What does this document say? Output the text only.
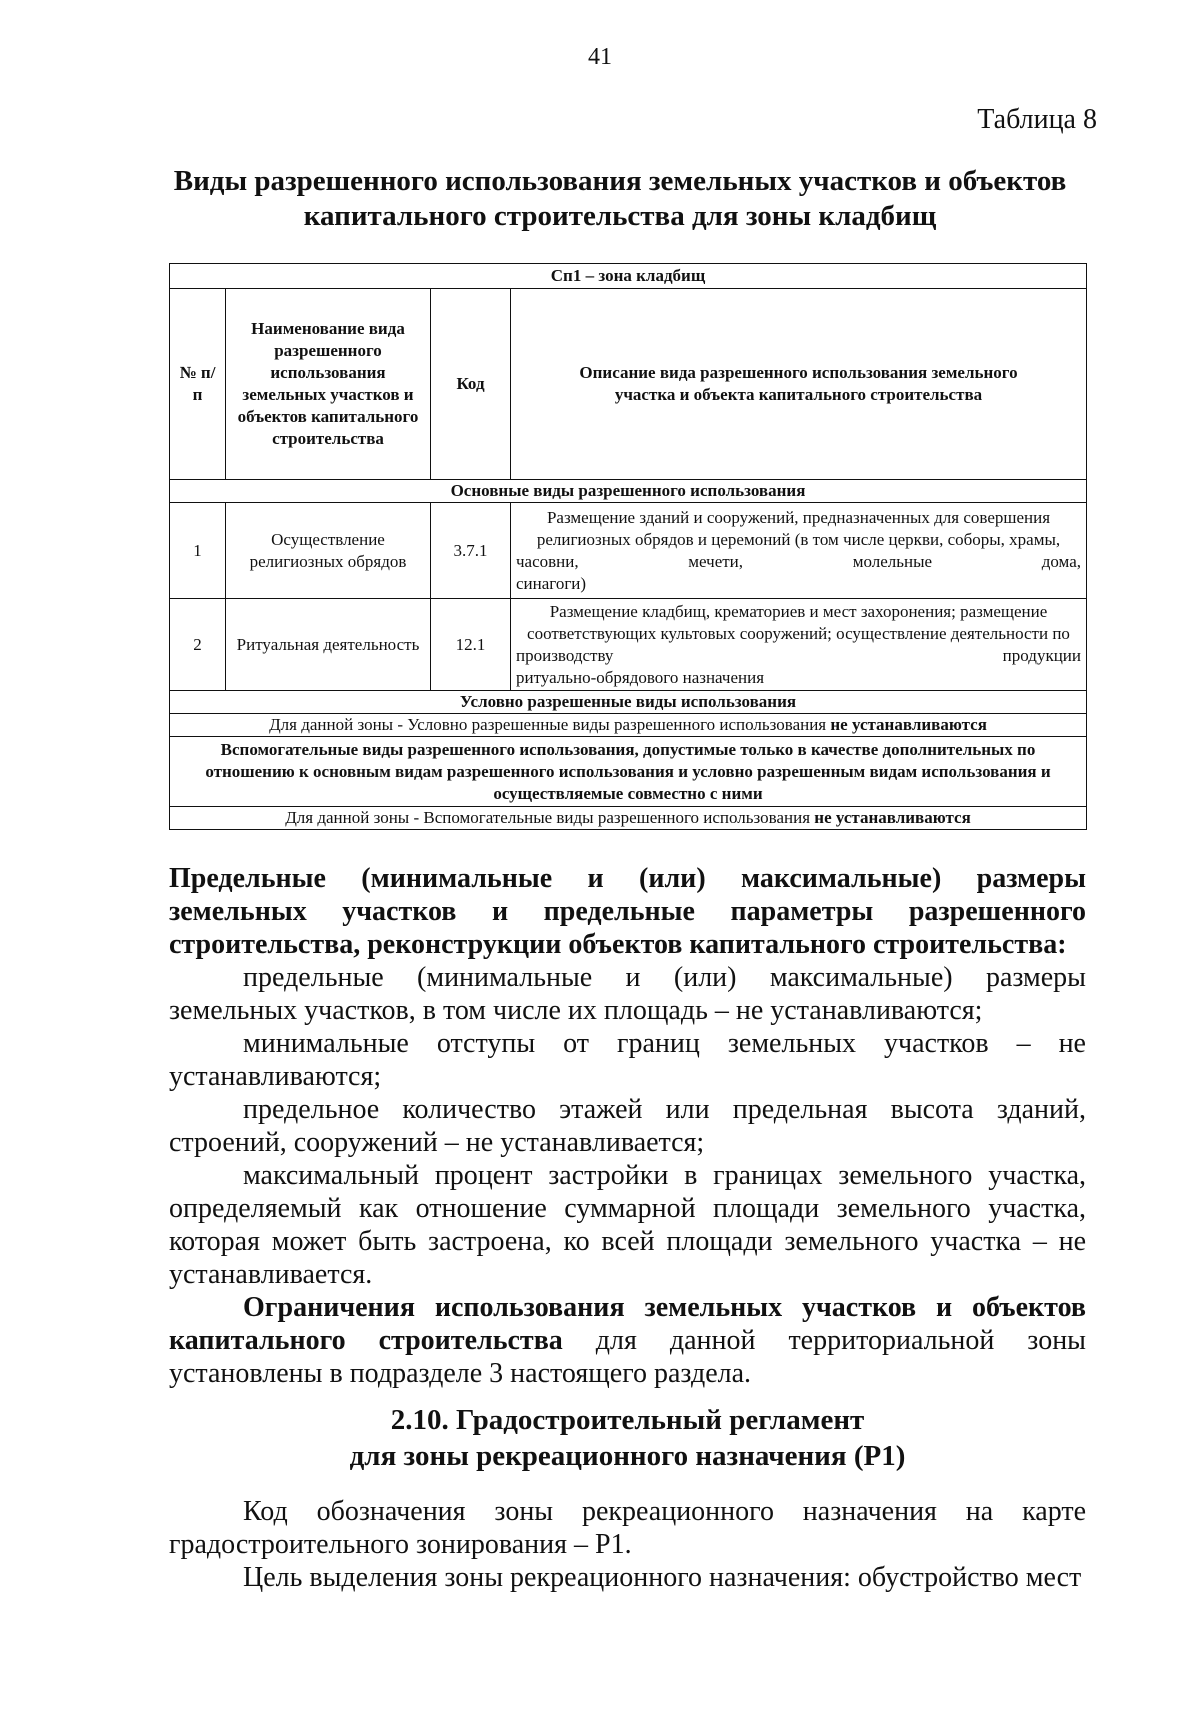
41
Таблица 8
Виды разрешенного использования земельных участков и объектов
капитального строительства для зоны кладбищ
Сп1 – зона кладбищ			
№ п/п	Наименование вида разрешенного использования земельных участков и объектов капитального строительства	Код	Описание вида разрешенного использования земельного участка и объекта капитального строительства
Основные виды разрешенного использования			
1	Осуществление религиозных обрядов	3.7.1	Размещение зданий и сооружений, предназначенных для совершения религиозных обрядов и церемоний (в том числе церкви, соборы, храмы, часовни, мечети, молельные дома,
синагоги)

2	Ритуальная деятельность	12.1	Размещение кладбищ, крематориев и мест захоронения; размещение соответствующих культовых сооружений; осуществление деятельности по производству продукции
ритуально-обрядового назначения

Условно разрешенные виды использования			
Для данной зоны - Условно разрешенные виды разрешенного использования не устанавливаются			
Вспомогательные виды разрешенного использования, допустимые только в качестве дополнительных по отношению к основным видам разрешенного использования и условно разрешенным видам использования и осуществляемые совместно с ними			
Для данной зоны - Вспомогательные виды разрешенного использования не устанавливаются			

Предельные (минимальные и (или) максимальные) размеры земельных участков и предельные параметры разрешенного строительства, реконструкции объектов капитального строительства:

предельные (минимальные и (или) максимальные) размеры земельных участков, в том числе их площадь – не устанавливаются;

минимальные отступы от границ земельных участков – не устанавливаются;

предельное количество этажей или предельная высота зданий, строений, сооружений – не устанавливается;

максимальный процент застройки в границах земельного участка, определяемый как отношение суммарной площади земельного участка, которая может быть застроена, ко всей площади земельного участка – не устанавливается.

Ограничения использования земельных участков и объектов капитального строительства для данной территориальной зоны установлены в подразделе 3 настоящего раздела.

2.10. Градостроительный регламент
для зоны рекреационного назначения (Р1)

Код обозначения зоны рекреационного назначения на карте градостроительного зонирования – Р1.

Цель выделения зоны рекреационного назначения: обустройство мест
